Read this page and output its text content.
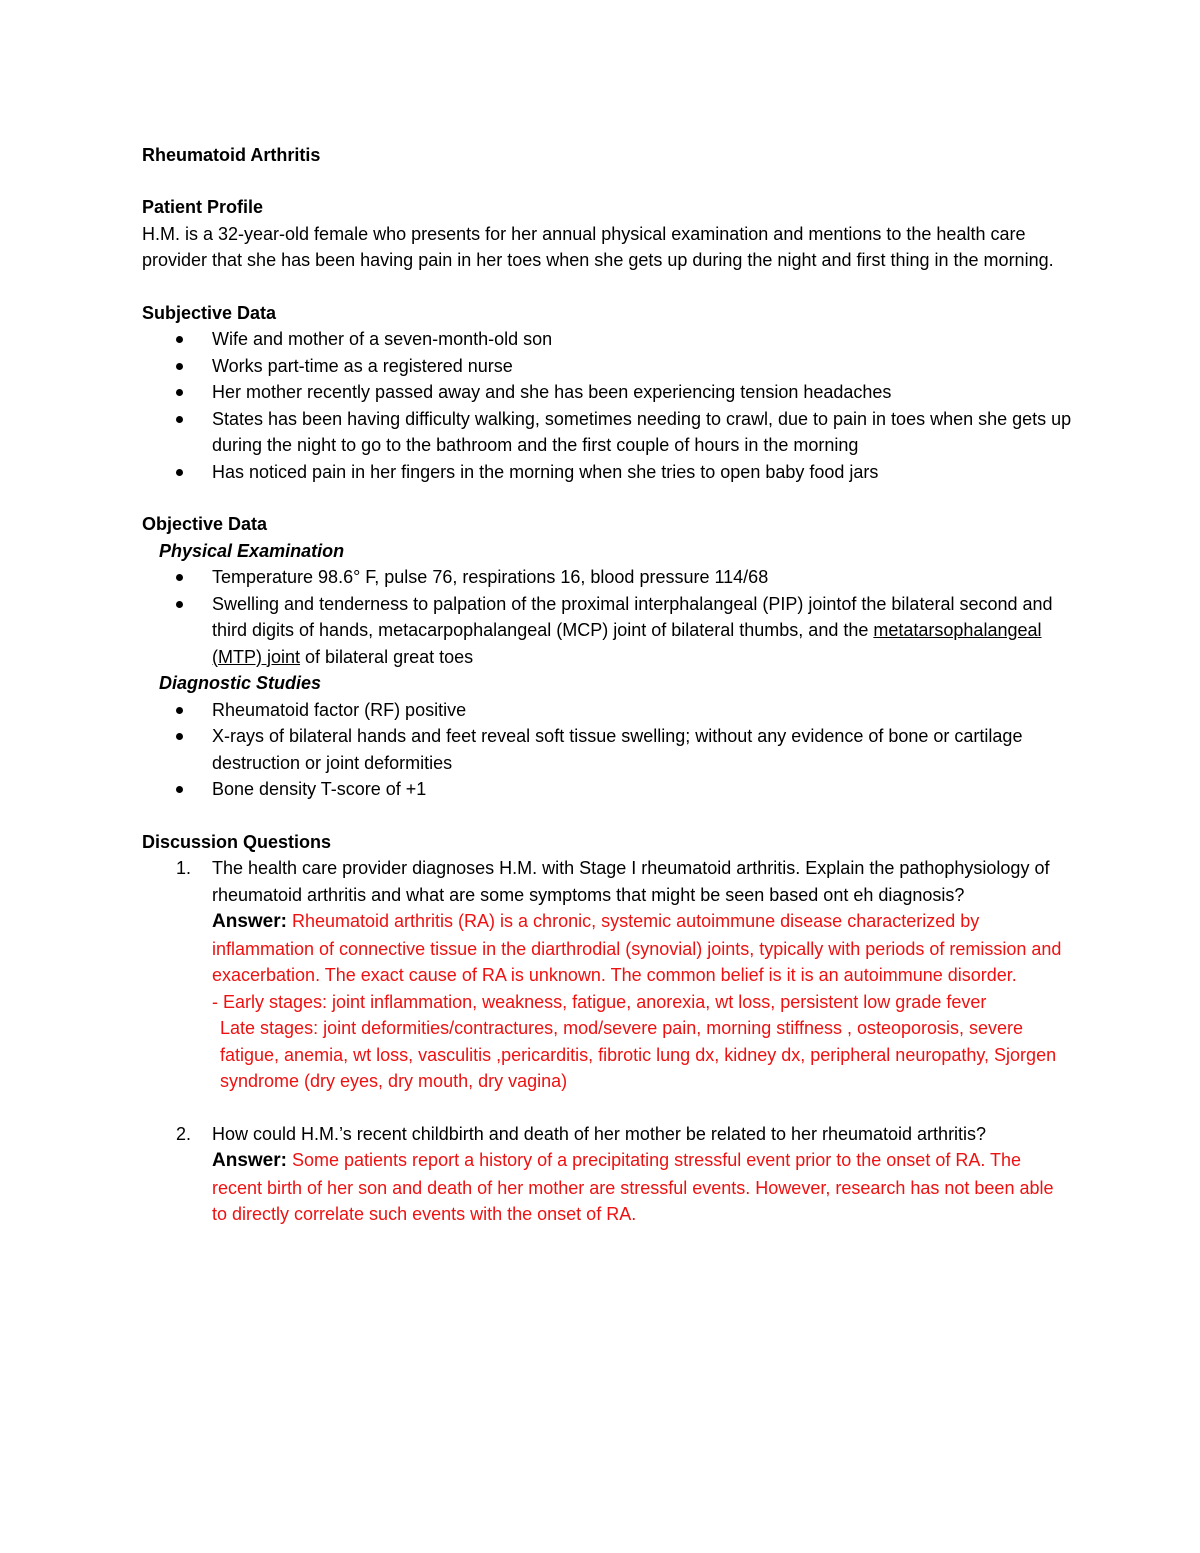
Rheumatoid Arthritis

Patient Profile

H.M. is a 32-year-old female who presents for her annual physical examination and mentions to the health care provider that she has been having pain in her toes when she gets up during the night and first thing in the morning.

Subjective Data

Wife and mother of a seven-month-old son
Works part-time as a registered nurse
Her mother recently passed away and she has been experiencing tension headaches
States has been having difficulty walking, sometimes needing to crawl, due to pain in toes when she gets up during the night to go to the bathroom and the first couple of hours in the morning
Has noticed pain in her fingers in the morning when she tries to open baby food jars

Objective Data

Physical Examination

Temperature 98.6° F, pulse 76, respirations 16, blood pressure 114/68
Swelling and tenderness to palpation of the proximal interphalangeal (PIP) jointof the bilateral second and third digits of hands, metacarpophalangeal (MCP) joint of bilateral thumbs, and the metatarsophalangeal (MTP) joint of bilateral great toes

Diagnostic Studies

Rheumatoid factor (RF) positive
X-rays of bilateral hands and feet reveal soft tissue swelling; without any evidence of bone or cartilage destruction or joint deformities
Bone density T-score of +1

Discussion Questions

1. The health care provider diagnoses H.M. with Stage I rheumatoid arthritis. Explain the pathophysiology of rheumatoid arthritis and what are some symptoms that might be seen based ont eh diagnosis?
Answer: Rheumatoid arthritis (RA) is a chronic, systemic autoimmune disease characterized by inflammation of connective tissue in the diarthrodial (synovial) joints, typically with periods of remission and exacerbation. The exact cause of RA is unknown. The common belief is it is an autoimmune disorder.
- Early stages: joint inflammation, weakness, fatigue, anorexia, wt loss, persistent low grade fever
Late stages: joint deformities/contractures, mod/severe pain, morning stiffness , osteoporosis, severe fatigue, anemia, wt loss, vasculitis ,pericarditis, fibrotic lung dx, kidney dx, peripheral neuropathy, Sjorgen syndrome (dry eyes, dry mouth, dry vagina)
2. How could H.M.’s recent childbirth and death of her mother be related to her rheumatoid arthritis?
Answer: Some patients report a history of a precipitating stressful event prior to the onset of RA. The recent birth of her son and death of her mother are stressful events. However, research has not been able to directly correlate such events with the onset of RA.
